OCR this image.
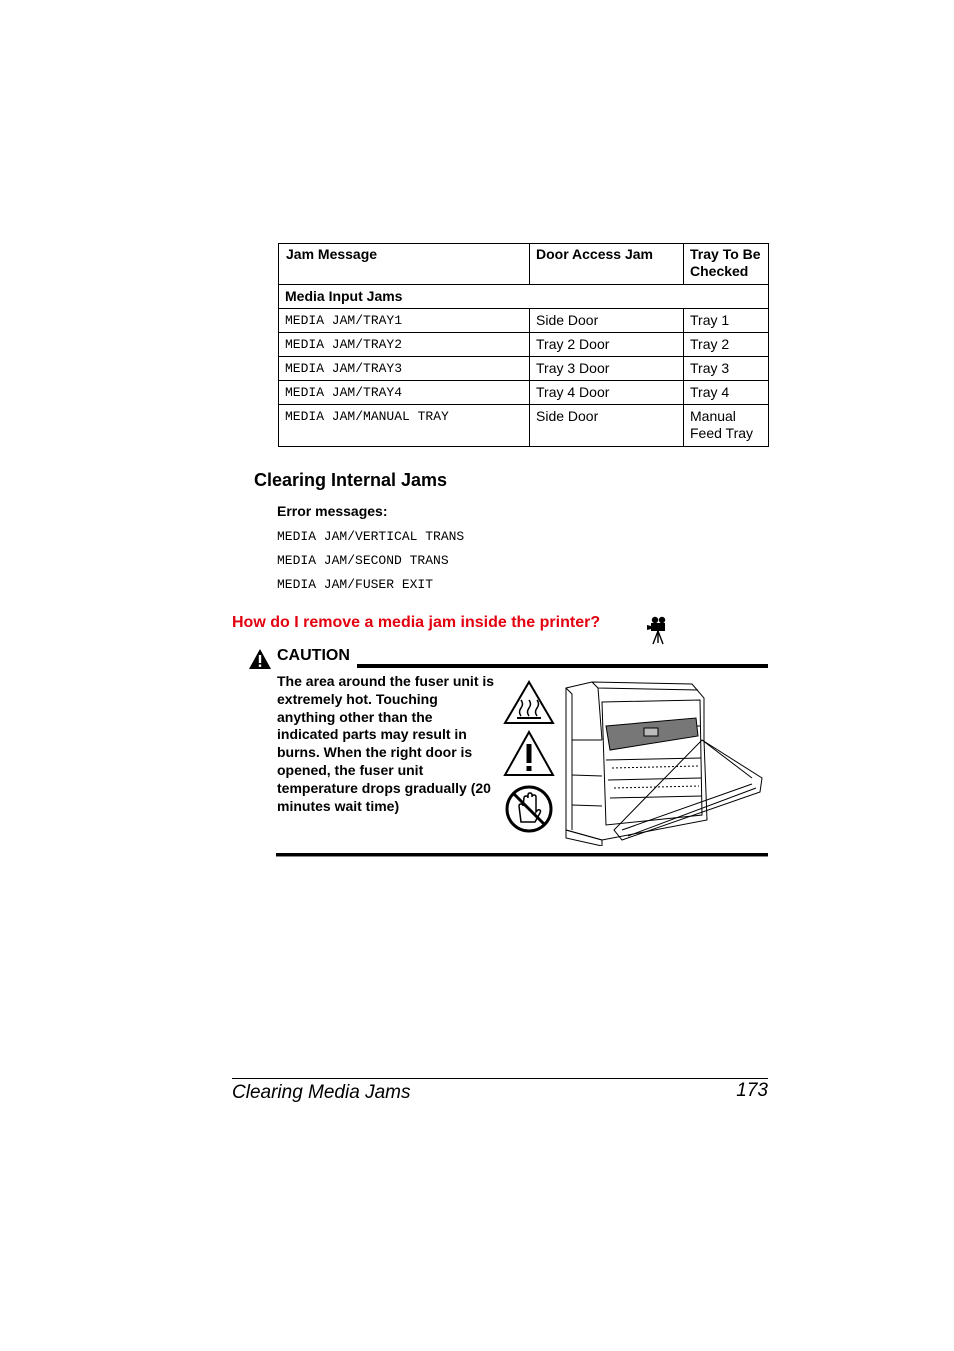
Jam Message	Door Access Jam	Tray To Be Checked
Media Input Jams		
MEDIA JAM/TRAY1	Side Door	Tray 1
MEDIA JAM/TRAY2	Tray 2 Door	Tray 2
MEDIA JAM/TRAY3	Tray 3 Door	Tray 3
MEDIA JAM/TRAY4	Tray 4 Door	Tray 4
MEDIA JAM/MANUAL TRAY	Side Door	Manual Feed Tray
Clearing Internal Jams
Error messages:
MEDIA JAM/VERTICAL TRANS
MEDIA JAM/SECOND TRANS
MEDIA JAM/FUSER EXIT
How do I remove a media jam inside the printer?
CAUTION
The area around the fuser unit is extremely hot. Touching anything other than the indicated parts may result in burns. When the right door is opened, the fuser unit temperature drops gradually (20 minutes wait time)
Clearing Media Jams	173
